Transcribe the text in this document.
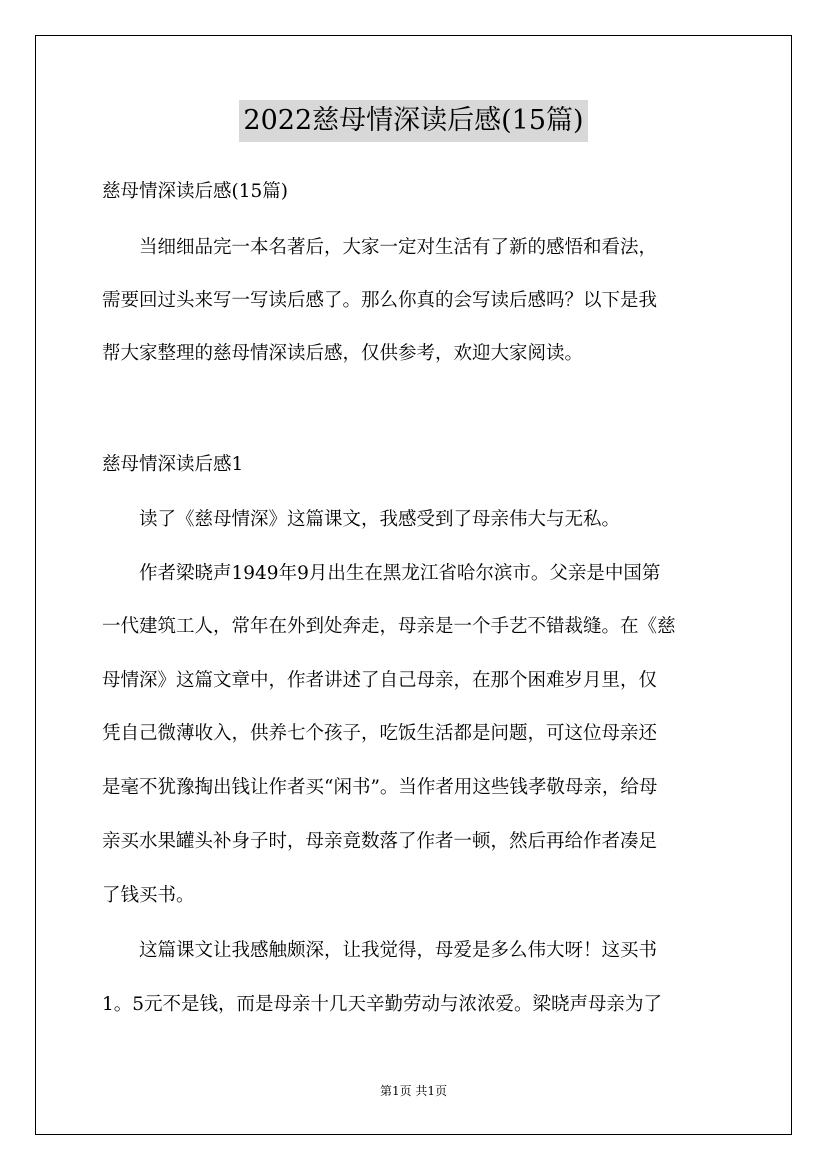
2022慈母情深读后感(15篇)

慈母情深读后感(15篇)

　　当细细品完一本名著后，大家一定对生活有了新的感悟和看法，

需要回过头来写一写读后感了。那么你真的会写读后感吗？以下是我

帮大家整理的慈母情深读后感，仅供参考，欢迎大家阅读。

慈母情深读后感1

　　读了《慈母情深》这篇课文，我感受到了母亲伟大与无私。

　　作者梁晓声1949年9月出生在黑龙江省哈尔滨市。父亲是中国第

一代建筑工人，常年在外到处奔走，母亲是一个手艺不错裁缝。在《慈

母情深》这篇文章中，作者讲述了自己母亲，在那个困难岁月里，仅

凭自己微薄收入，供养七个孩子，吃饭生活都是问题，可这位母亲还

是毫不犹豫掏出钱让作者买“闲书”。当作者用这些钱孝敬母亲，给母

亲买水果罐头补身子时，母亲竟数落了作者一顿，然后再给作者凑足

了钱买书。

　　这篇课文让我感触颇深，让我觉得，母爱是多么伟大呀！这买书

1。5元不是钱，而是母亲十几天辛勤劳动与浓浓爱。梁晓声母亲为了

第1页 共1页
